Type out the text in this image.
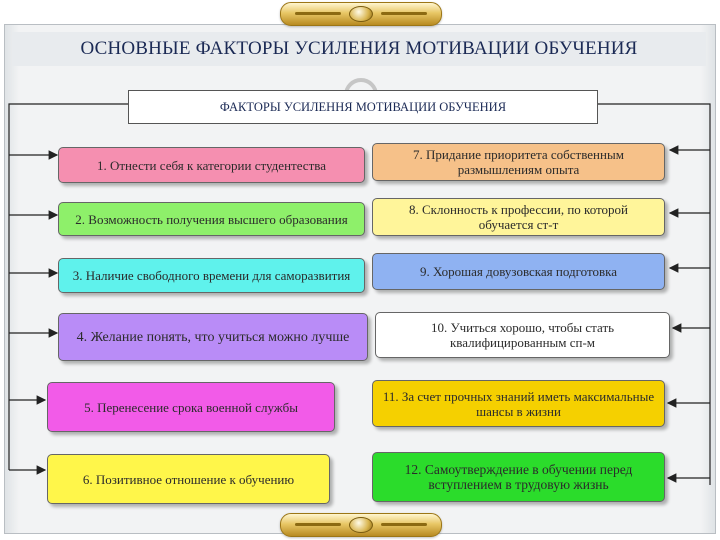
ОСНОВНЫЕ ФАКТОРЫ УСИЛЕНИЯ МОТИВАЦИИ ОБУЧЕНИЯ
ФАКТОРЫ УСИЛЕННЯ МОТИВАЦИИ ОБУЧЕНИЯ
1. Отнести себя к категории студентества
2. Возможность получения высшего образования
3. Наличие свободного времени для саморазвития
4. Желание понять, что учиться можно лучше
5. Перенесение срока военной службы
6. Позитивное отношение к обучению
7. Придание приоритета собственным размышлениям опыта
8. Склонность к профессии, по которой обучается ст-т
9. Хорошая довузовская подготовка
10. Учиться хорошо, чтобы стать квалифицированным сп-м
11. За счет прочных знаний иметь максимальные шансы в жизни
12. Самоутверждение в обучении перед вступлением в трудовую жизнь
